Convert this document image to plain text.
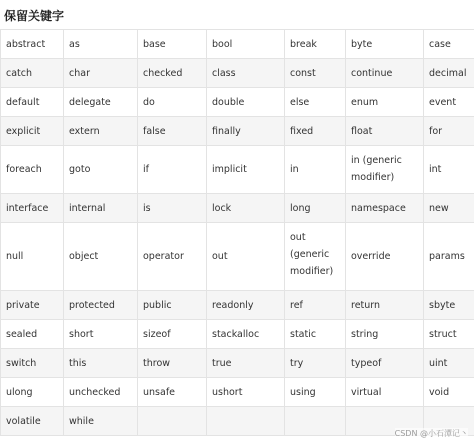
保留关键字
abstract	as	base	bool	break	byte	case
catch	char	checked	class	const	continue	decimal
default	delegate	do	double	else	enum	event
explicit	extern	false	finally	fixed	float	for
foreach	goto	if	implicit	in	in (generic modifier)	int
interface	internal	is	lock	long	namespace	new
null	object	operator	out	out (generic modifier)	override	params
private	protected	public	readonly	ref	return	sbyte
sealed	short	sizeof	stackalloc	static	string	struct
switch	this	throw	true	try	typeof	uint
ulong	unchecked	unsafe	ushort	using	virtual	void
volatile	while					
CSDN @小石潭记丶
